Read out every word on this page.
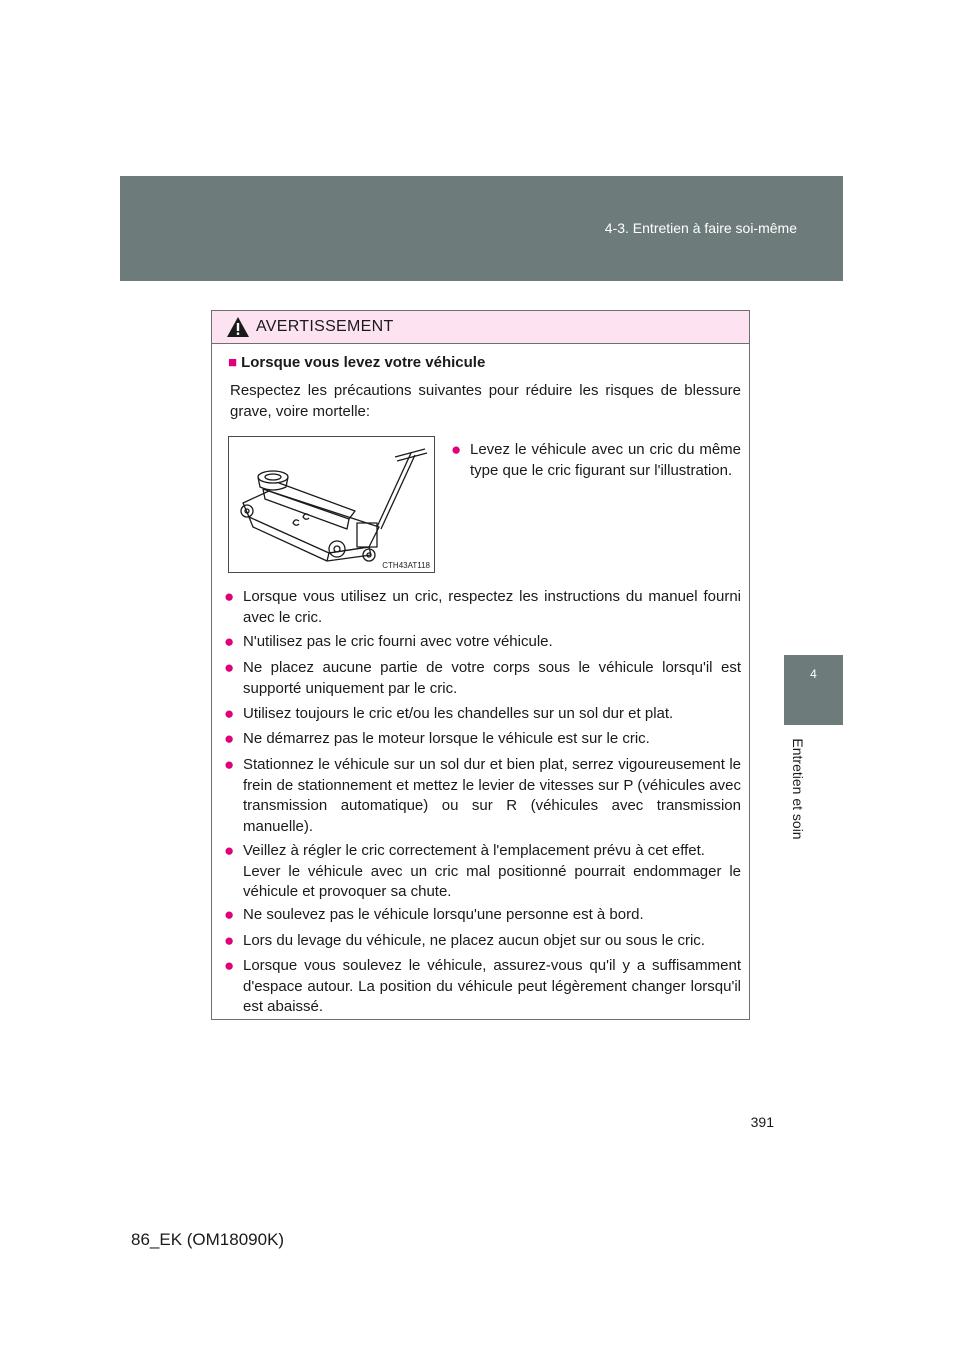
4-3. Entretien à faire soi-même
4
Entretien et soin
AVERTISSEMENT
■ Lorsque vous levez votre véhicule
Respectez les précautions suivantes pour réduire les risques de blessure grave, voire mortelle:
CTH43AT118
● Levez le véhicule avec un cric du même type que le cric figurant sur l'illustration.
● Lorsque vous utilisez un cric, respectez les instructions du manuel fourni avec le cric.
● N'utilisez pas le cric fourni avec votre véhicule.
● Ne placez aucune partie de votre corps sous le véhicule lorsqu'il est supporté uniquement par le cric.
● Utilisez toujours le cric et/ou les chandelles sur un sol dur et plat.
● Ne démarrez pas le moteur lorsque le véhicule est sur le cric.
● Stationnez le véhicule sur un sol dur et bien plat, serrez vigoureusement le frein de stationnement et mettez le levier de vitesses sur P (véhicules avec transmission automatique) ou sur R (véhicules avec transmission manuelle).
● Veillez à régler le cric correctement à l'emplacement prévu à cet effet.
Lever le véhicule avec un cric mal positionné pourrait endommager le véhicule et provoquer sa chute.
● Ne soulevez pas le véhicule lorsqu'une personne est à bord.
● Lors du levage du véhicule, ne placez aucun objet sur ou sous le cric.
● Lorsque vous soulevez le véhicule, assurez-vous qu'il y a suffisamment d'espace autour. La position du véhicule peut légèrement changer lorsqu'il est abaissé.
391
86_EK (OM18090K)
